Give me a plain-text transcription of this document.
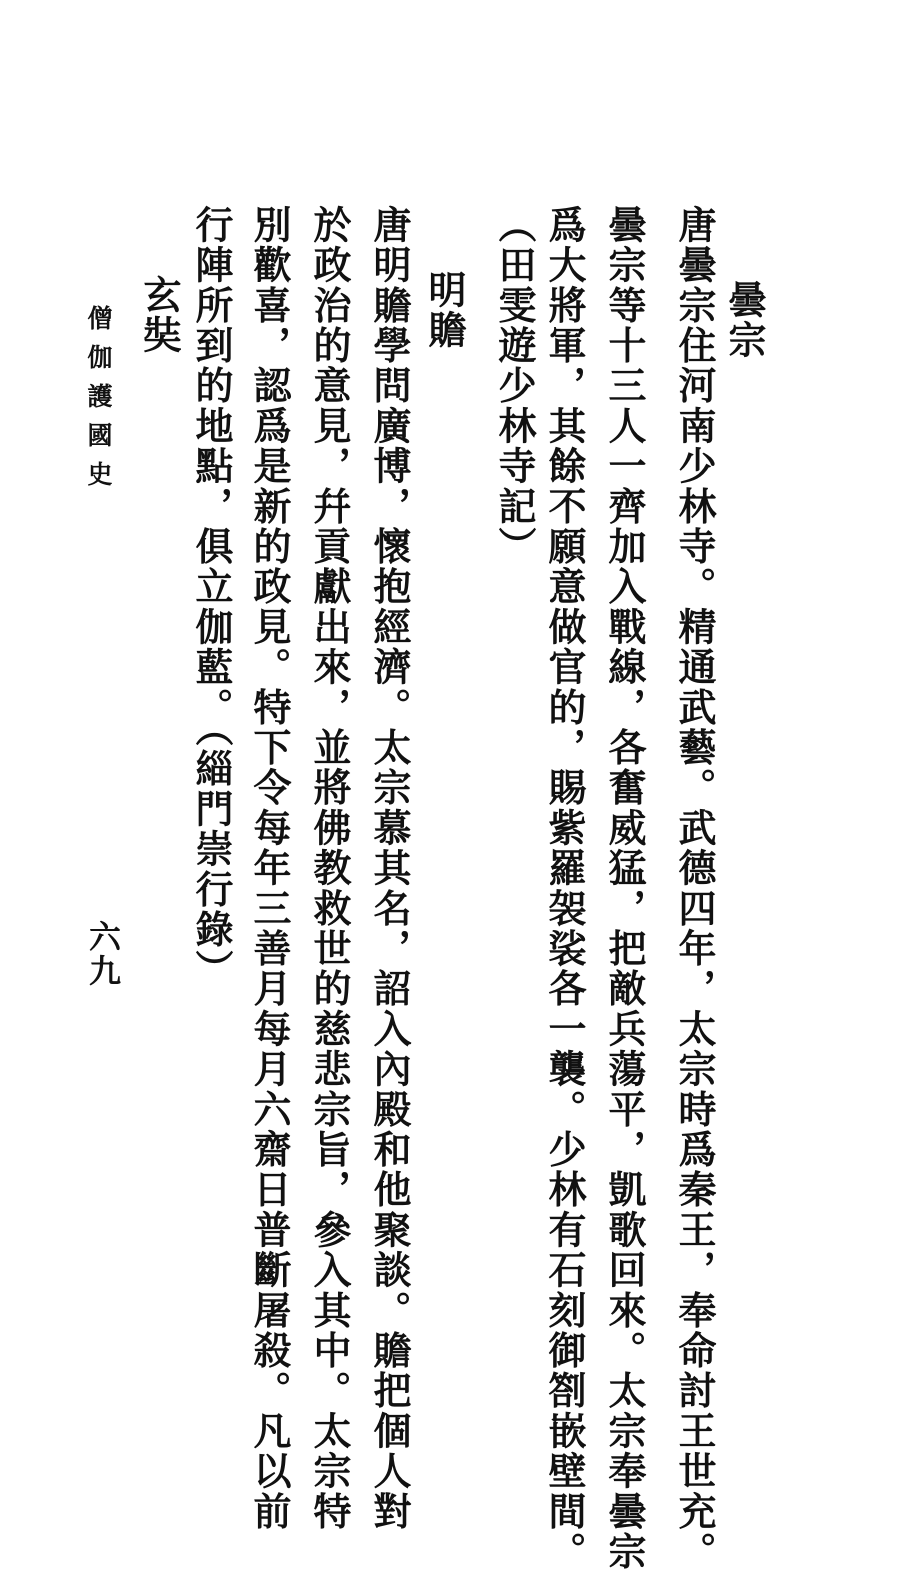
曇宗
唐曇宗住河南少林寺。精通武藝。武德四年，太宗時爲秦王，奉命討王世充。
曇宗等十三人一齊加入戰線，各奮威猛，把敵兵蕩平，凱歌回來。太宗奉曇宗
爲大將軍，其餘不願意做官的，賜紫羅袈裟各一襲。少林有石刻御劄嵌壁間。
（田雯遊少林寺記）
明贍
唐明贍學問廣博，懷抱經濟。太宗慕其名，詔入內殿和他聚談。贍把個人對
於政治的意見，幷貢獻出來，並將佛教救世的慈悲宗旨，參入其中。太宗特
別歡喜，認爲是新的政見。特下令每年三善月每月六齋日普斷屠殺。凡以前
行陣所到的地點，俱立伽藍。（緇門崇行錄）
玄奘
僧伽護國史
六九
